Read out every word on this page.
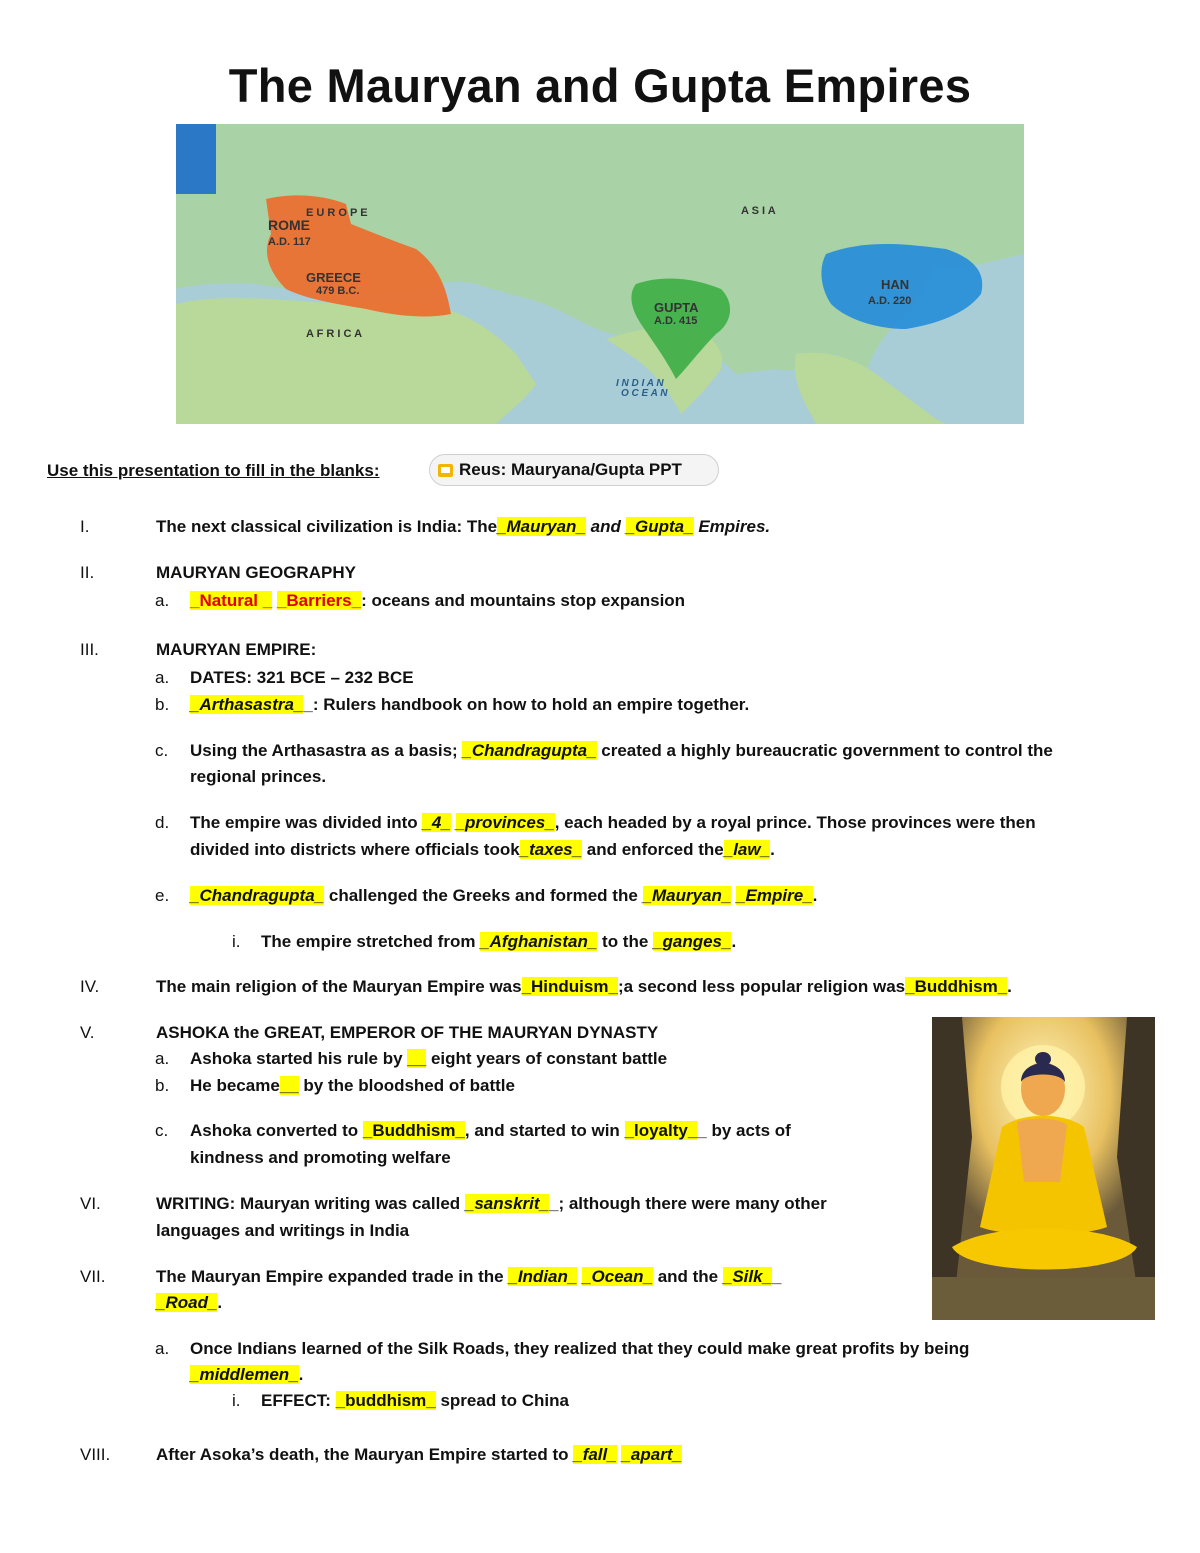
The Mauryan and Gupta Empires
E U R O P E	A S I A
A F R I C A
ROME
A.D. 117
GREECE
479 B.C.
GUPTA
A.D. 415
HAN
A.D. 220
I N D I A N
O C E A N
Use this presentation to fill in the blanks:	Reus: Mauryana/Gupta PPT
I.
II.
a.
III.
a.
b.
c.
d.
e.
i.
IV.
V.
a.
b.
c.
VI.
VII.
a.
i.
VIII.
The next classical civilization is India: The_Mauryan_ and _Gupta_ Empires.
MAURYAN GEOGRAPHY
_Natural _ _Barriers_: oceans and mountains stop expansion
MAURYAN EMPIRE:
DATES: 321 BCE – 232 BCE
_Arthasastra__: Rulers handbook on how to hold an empire together.
Using the Arthasastra as a basis; _Chandragupta_ created a highly bureaucratic government to control the
regional princes.
The empire was divided into _4_ _provinces_, each headed by a royal prince. Those provinces were then
divided into districts where officials took_taxes_ and enforced the_law_.
_Chandragupta_ challenged the Greeks and formed the _Mauryan_ _Empire_.
The empire stretched from _Afghanistan_ to the _ganges_.
The main religion of the Mauryan Empire was_Hinduism_;a second less popular religion was_Buddhism_.
ASHOKA the GREAT, EMPEROR OF THE MAURYAN DYNASTY
Ashoka started his rule by __ eight years of constant battle
He became__ by the bloodshed of battle
Ashoka converted to _Buddhism_, and started to win _loyalty__ by acts of
kindness and promoting welfare
WRITING: Mauryan writing was called _sanskrit__; although there were many other
languages and writings in India
The Mauryan Empire expanded trade in the _Indian_ _Ocean_ and the _Silk__
_Road_.
Once Indians learned of the Silk Roads, they realized that they could make great profits by being
_middlemen_.
EFFECT: _buddhism_ spread to China
After Asoka’s death, the Mauryan Empire started to _fall_ _apart_
